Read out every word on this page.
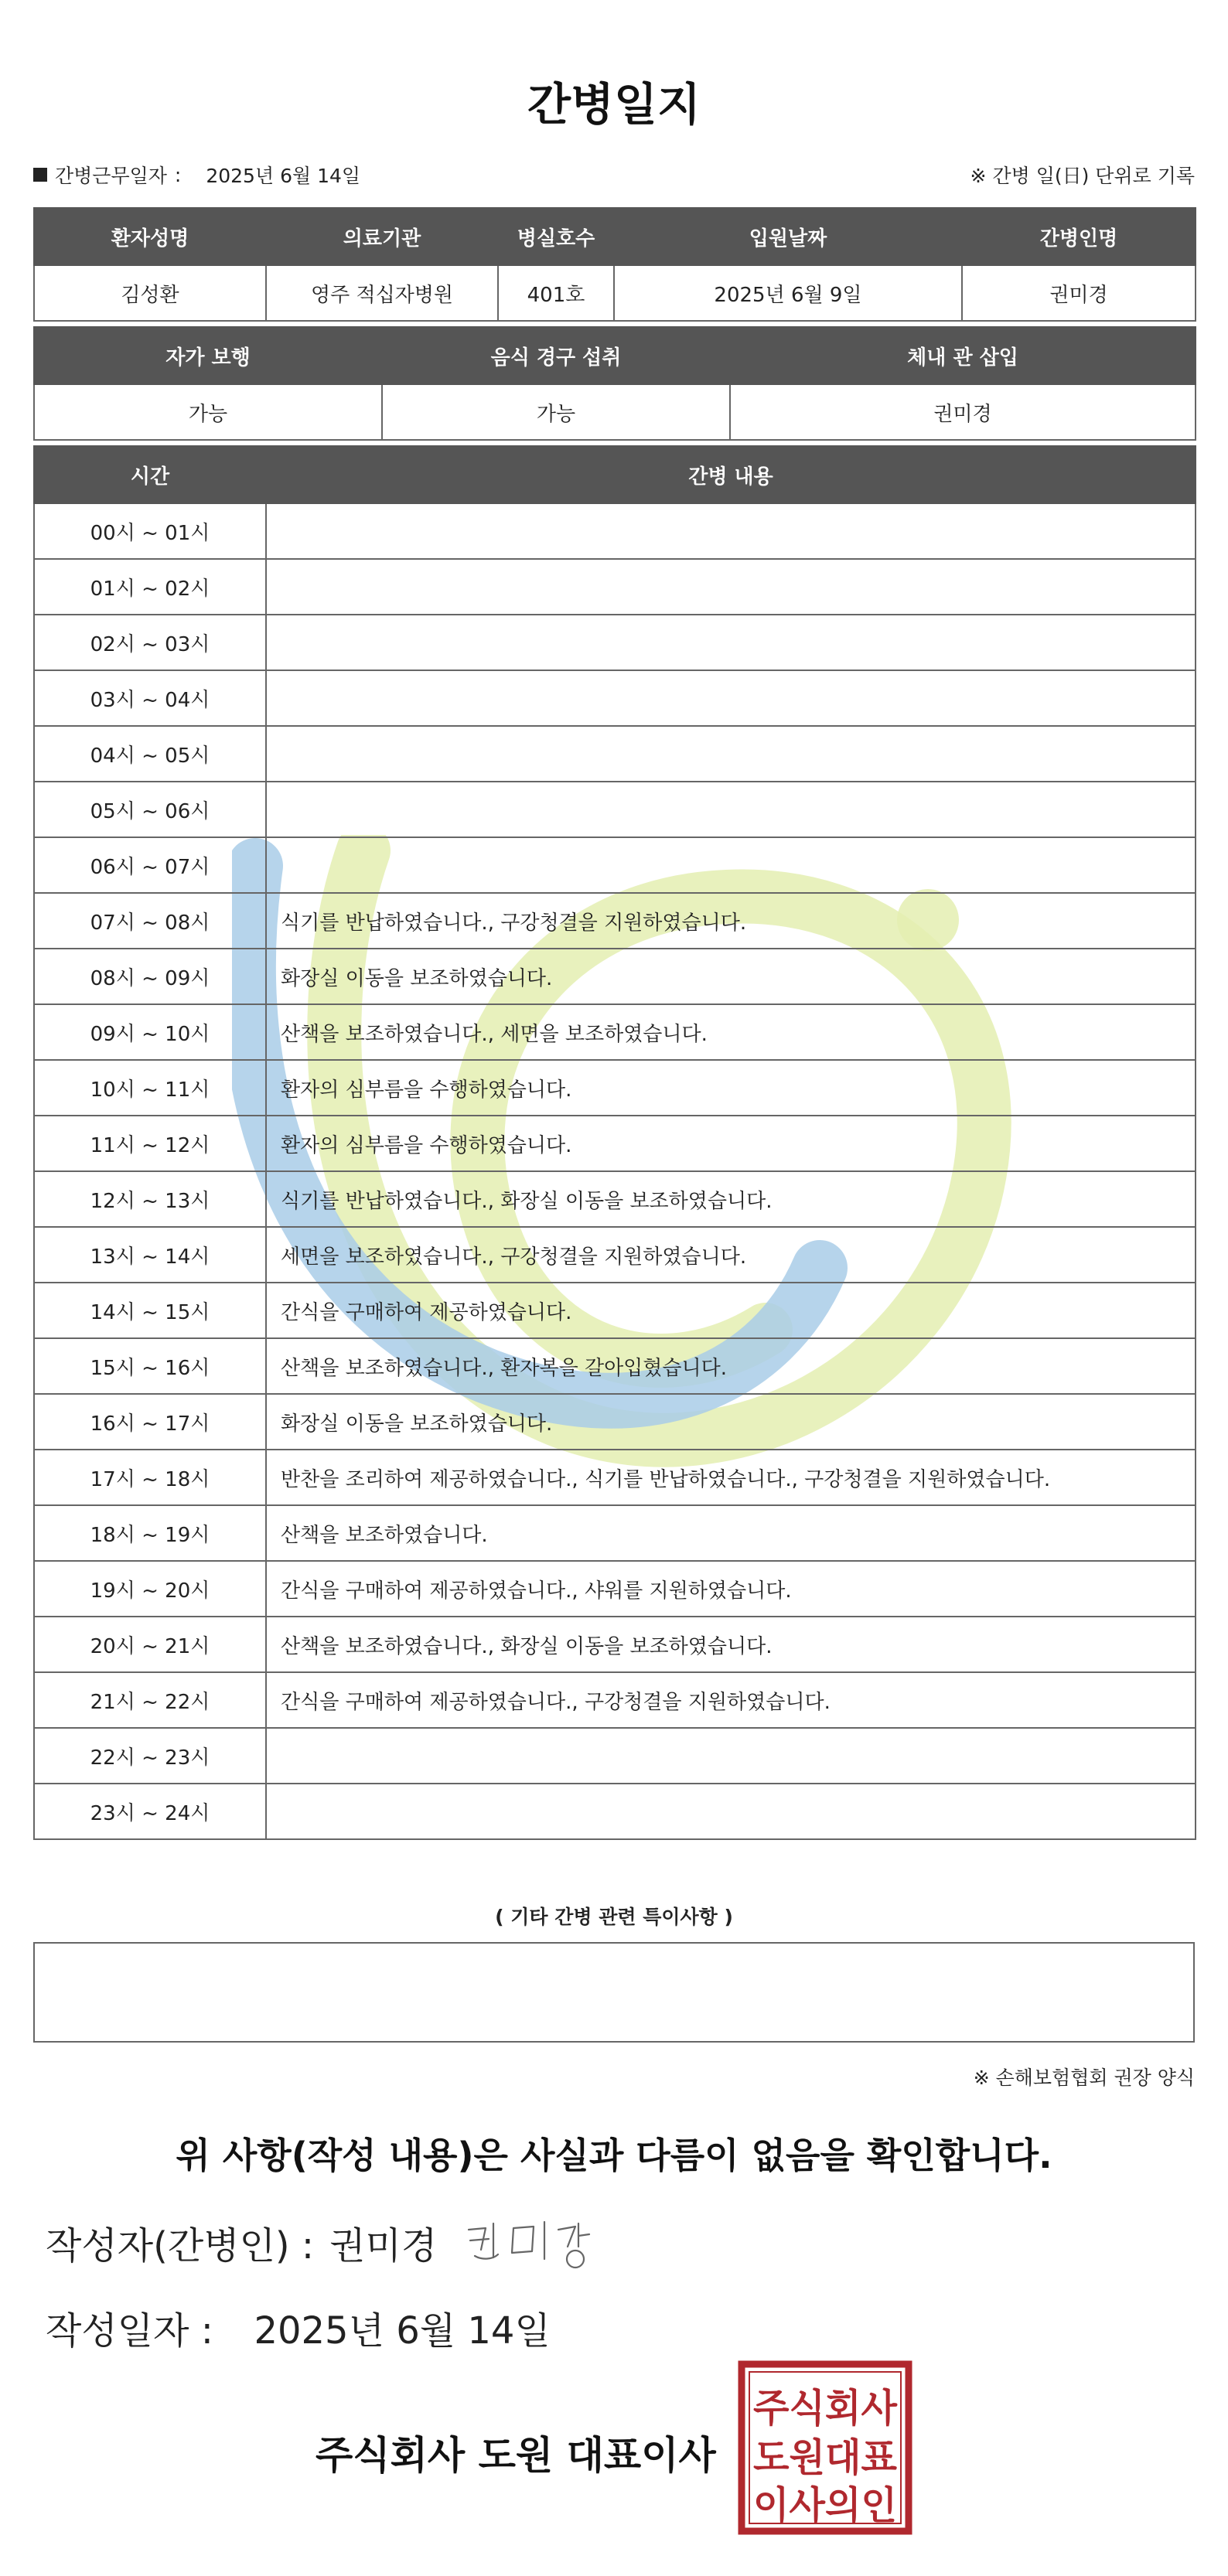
간병일지
간병근무일자 : 2025년 6월 14일	※ 간병 일(日) 단위로 기록
환자성명	의료기관	병실호수	입원날짜	간병인명
김성환	영주 적십자병원	401호	2025년 6월 9일	권미경
자가 보행	음식 경구 섭취	체내 관 삽입
가능	가능	권미경
시간	간병 내용
00시 ~ 01시	
01시 ~ 02시	
02시 ~ 03시	
03시 ~ 04시	
04시 ~ 05시	
05시 ~ 06시	
06시 ~ 07시	
07시 ~ 08시	식기를 반납하였습니다., 구강청결을 지원하였습니다.
08시 ~ 09시	화장실 이동을 보조하였습니다.
09시 ~ 10시	산책을 보조하였습니다., 세면을 보조하였습니다.
10시 ~ 11시	환자의 심부름을 수행하였습니다.
11시 ~ 12시	환자의 심부름을 수행하였습니다.
12시 ~ 13시	식기를 반납하였습니다., 화장실 이동을 보조하였습니다.
13시 ~ 14시	세면을 보조하였습니다., 구강청결을 지원하였습니다.
14시 ~ 15시	간식을 구매하여 제공하였습니다.
15시 ~ 16시	산책을 보조하였습니다., 환자복을 갈아입혔습니다.
16시 ~ 17시	화장실 이동을 보조하였습니다.
17시 ~ 18시	반찬을 조리하여 제공하였습니다., 식기를 반납하였습니다., 구강청결을 지원하였습니다.
18시 ~ 19시	산책을 보조하였습니다.
19시 ~ 20시	간식을 구매하여 제공하였습니다., 샤워를 지원하였습니다.
20시 ~ 21시	산책을 보조하였습니다., 화장실 이동을 보조하였습니다.
21시 ~ 22시	간식을 구매하여 제공하였습니다., 구강청결을 지원하였습니다.
22시 ~ 23시	
23시 ~ 24시	
( 기타 간병 관련 특이사항 )
※ 손해보험협회 권장 양식
위 사항(작성 내용)은 사실과 다름이 없음을 확인합니다.
작성자(간병인) : 권미경
작성일자 : 2025년 6월 14일
주식회사 도원 대표이사
주식회사
도원대표
이사의인
